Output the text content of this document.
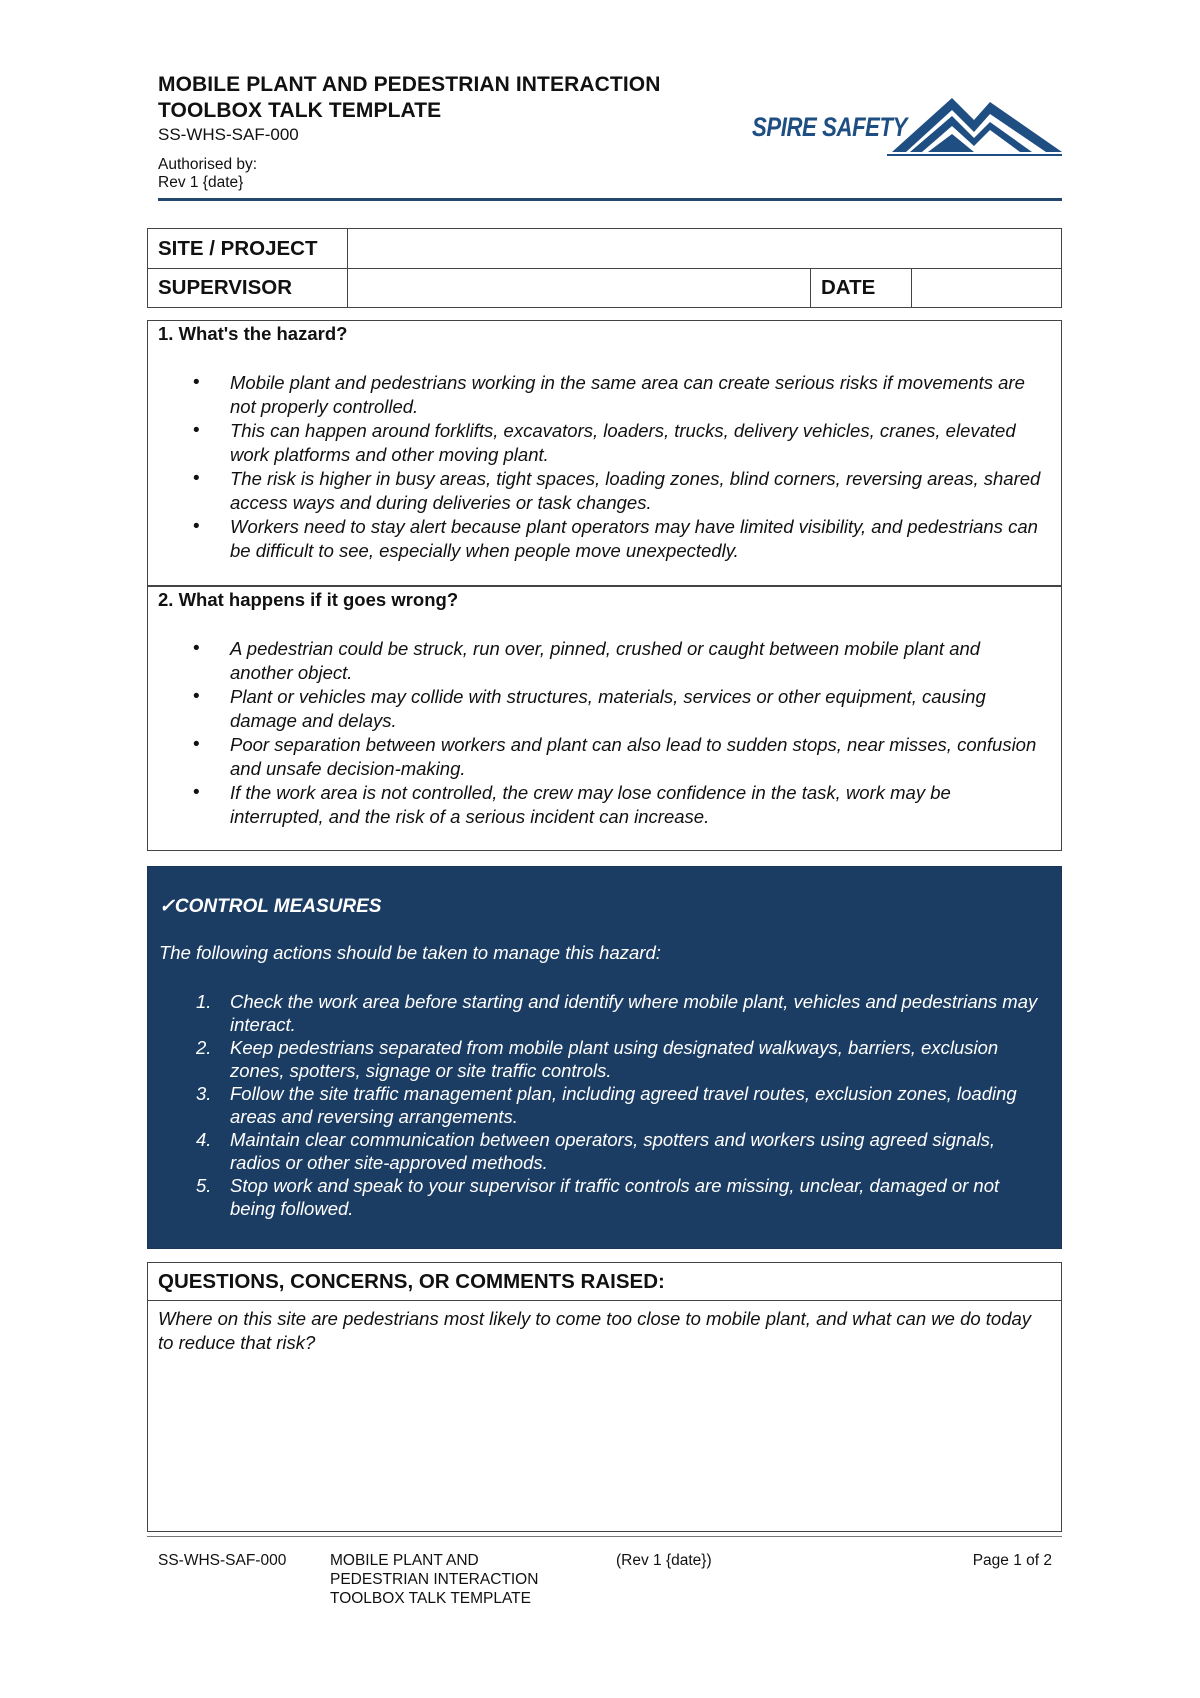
MOBILE PLANT AND PEDESTRIAN INTERACTION
TOOLBOX TALK TEMPLATE
SS-WHS-SAF-000
Authorised by:
Rev 1 {date}
SPIRE SAFETY
SITE / PROJECT
SUPERVISOR	DATE
1. What's the hazard?
• Mobile plant and pedestrians working in the same area can create serious risks if movements are not properly controlled.
• This can happen around forklifts, excavators, loaders, trucks, delivery vehicles, cranes, elevated work platforms and other moving plant.
• The risk is higher in busy areas, tight spaces, loading zones, blind corners, reversing areas, shared access ways and during deliveries or task changes.
• Workers need to stay alert because plant operators may have limited visibility, and pedestrians can be difficult to see, especially when people move unexpectedly.
2. What happens if it goes wrong?
• A pedestrian could be struck, run over, pinned, crushed or caught between mobile plant and another object.
• Plant or vehicles may collide with structures, materials, services or other equipment, causing damage and delays.
• Poor separation between workers and plant can also lead to sudden stops, near misses, confusion and unsafe decision-making.
• If the work area is not controlled, the crew may lose confidence in the task, work may be interrupted, and the risk of a serious incident can increase.
✓CONTROL MEASURES
The following actions should be taken to manage this hazard:
1. Check the work area before starting and identify where mobile plant, vehicles and pedestrians may interact.
2. Keep pedestrians separated from mobile plant using designated walkways, barriers, exclusion zones, spotters, signage or site traffic controls.
3. Follow the site traffic management plan, including agreed travel routes, exclusion zones, loading areas and reversing arrangements.
4. Maintain clear communication between operators, spotters and workers using agreed signals, radios or other site-approved methods.
5. Stop work and speak to your supervisor if traffic controls are missing, unclear, damaged or not being followed.
QUESTIONS, CONCERNS, OR COMMENTS RAISED:
Where on this site are pedestrians most likely to come too close to mobile plant, and what can we do today to reduce that risk?
SS-WHS-SAF-000	MOBILE PLANT AND
PEDESTRIAN INTERACTION
TOOLBOX TALK TEMPLATE
(Rev 1 {date})	Page 1 of 2
